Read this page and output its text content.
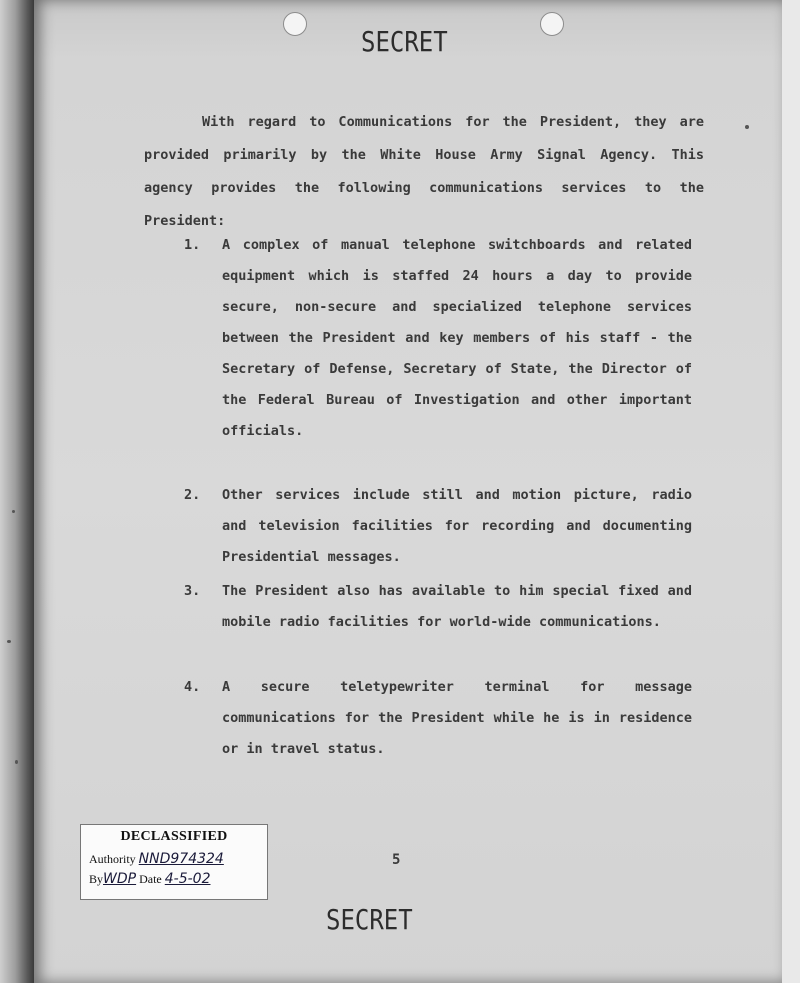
SECRET

With regard to Communications for the President, they are provided primarily by the White House Army Signal Agency. This agency provides the following communications services to the President:

1. A complex of manual telephone switchboards and related equipment which is staffed 24 hours a day to provide secure, non-secure and specialized telephone services between the President and key members of his staff - the Secretary of Defense, Secretary of State, the Director of the Federal Bureau of Investigation and other important officials.
2. Other services include still and motion picture, radio and television facilities for recording and documenting Presidential messages.
3. The President also has available to him special fixed and mobile radio facilities for world-wide communications.
4. A secure teletypewriter terminal for message communications for the President while he is in residence or in travel status.
5
SECRET
DECLASSIFIED
Authority NND974324
ByWDP Date 4-5-02
